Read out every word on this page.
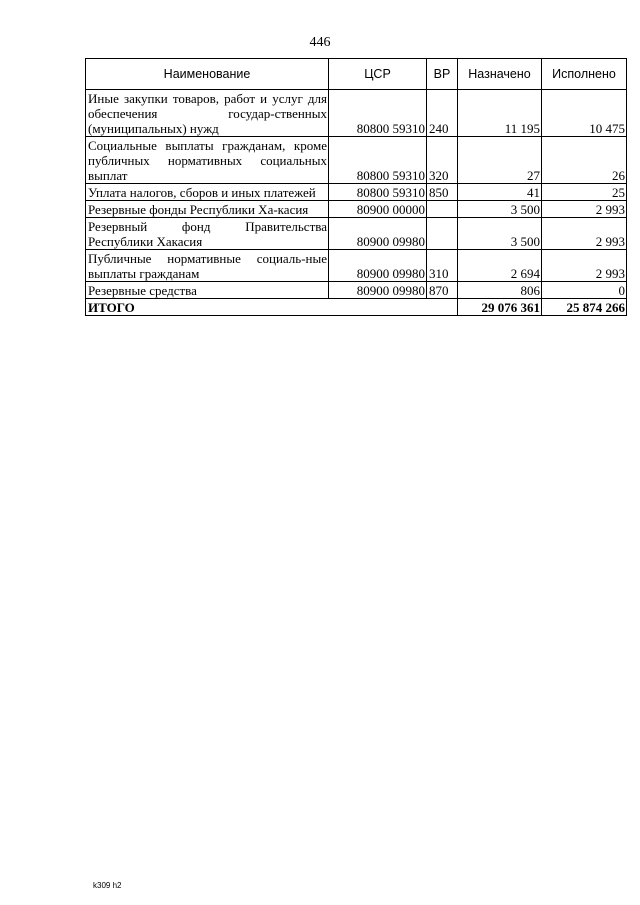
446
Наименование	ЦСР	ВР	Назначено	Исполнено
Иные закупки товаров, работ и услуг для обеспечения государ-ственных (муниципальных) нужд	80800 59310	240	11 195	10 475
Социальные выплаты гражданам, кроме публичных нормативных социальных выплат	80800 59310	320	27	26
Уплата налогов, сборов и иных платежей	80800 59310	850	41	25
Резервные фонды Республики Ха-касия	80900 00000		3 500	2 993
Резервный фонд Правительства Республики Хакасия	80900 09980		3 500	2 993
Публичные нормативные социаль-ные выплаты гражданам	80900 09980	310	2 694	2 993
Резервные средства	80900 09980	870	806	0
ИТОГО			29 076 361	25 874 266
k309 h2
